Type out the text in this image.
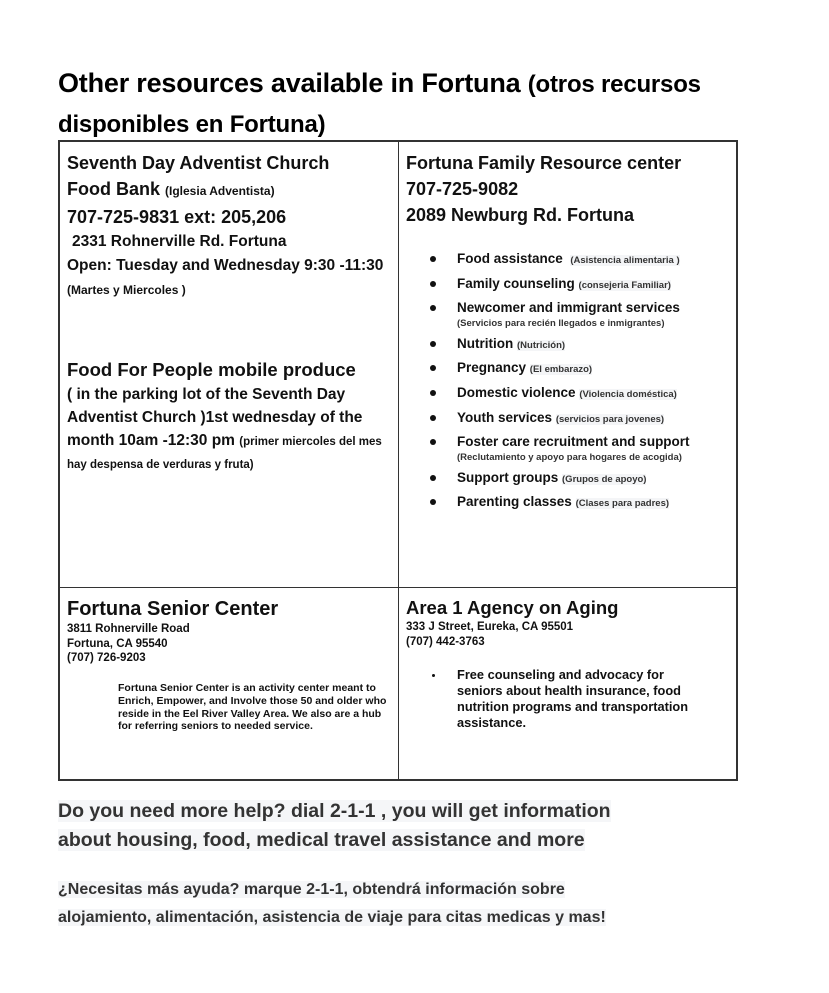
Other resources available in Fortuna (otros recursos disponibles en Fortuna)
Seventh Day Adventist Church
Food Bank (Iglesia Adventista)
707-725-9831 ext: 205,206
2331 Rohnerville Rd. Fortuna
Open: Tuesday and Wednesday 9:30 -11:30 (Martes y Miercoles )
Food For People mobile produce
( in the parking lot of the Seventh Day Adventist Church )1st wednesday of the month 10am -12:30 pm (primer miercoles del mes hay despensa de verduras y fruta)
Fortuna Family Resource center
707-725-9082
2089 Newburg Rd. Fortuna
Food assistance (Asistencia alimentaria )
Family counseling (consejeria Familiar)
Newcomer and immigrant services
(Servicios para recién llegados e inmigrantes)
Nutrition (Nutrición)
Pregnancy (El embarazo)
Domestic violence (Violencia doméstica)
Youth services (servicios para jovenes)
Foster care recruitment and support
(Reclutamiento y apoyo para hogares de acogida)
Support groups (Grupos de apoyo)
Parenting classes (Clases para padres)
Fortuna Senior Center
3811 Rohnerville Road
Fortuna, CA 95540
(707) 726-9203
Fortuna Senior Center is an activity center meant to Enrich, Empower, and Involve those 50 and older who reside in the Eel River Valley Area. We also are a hub for referring seniors to needed service.
Area 1 Agency on Aging
333 J Street, Eureka, CA 95501
(707) 442-3763
Free counseling and advocacy for seniors about health insurance, food nutrition programs and transportation assistance.
Do you need more help? dial 2-1-1 , you will get information
about housing, food, medical travel assistance and more
¿Necesitas más ayuda? marque 2-1-1, obtendrá información sobre
alojamiento, alimentación, asistencia de viaje para citas medicas y mas!
